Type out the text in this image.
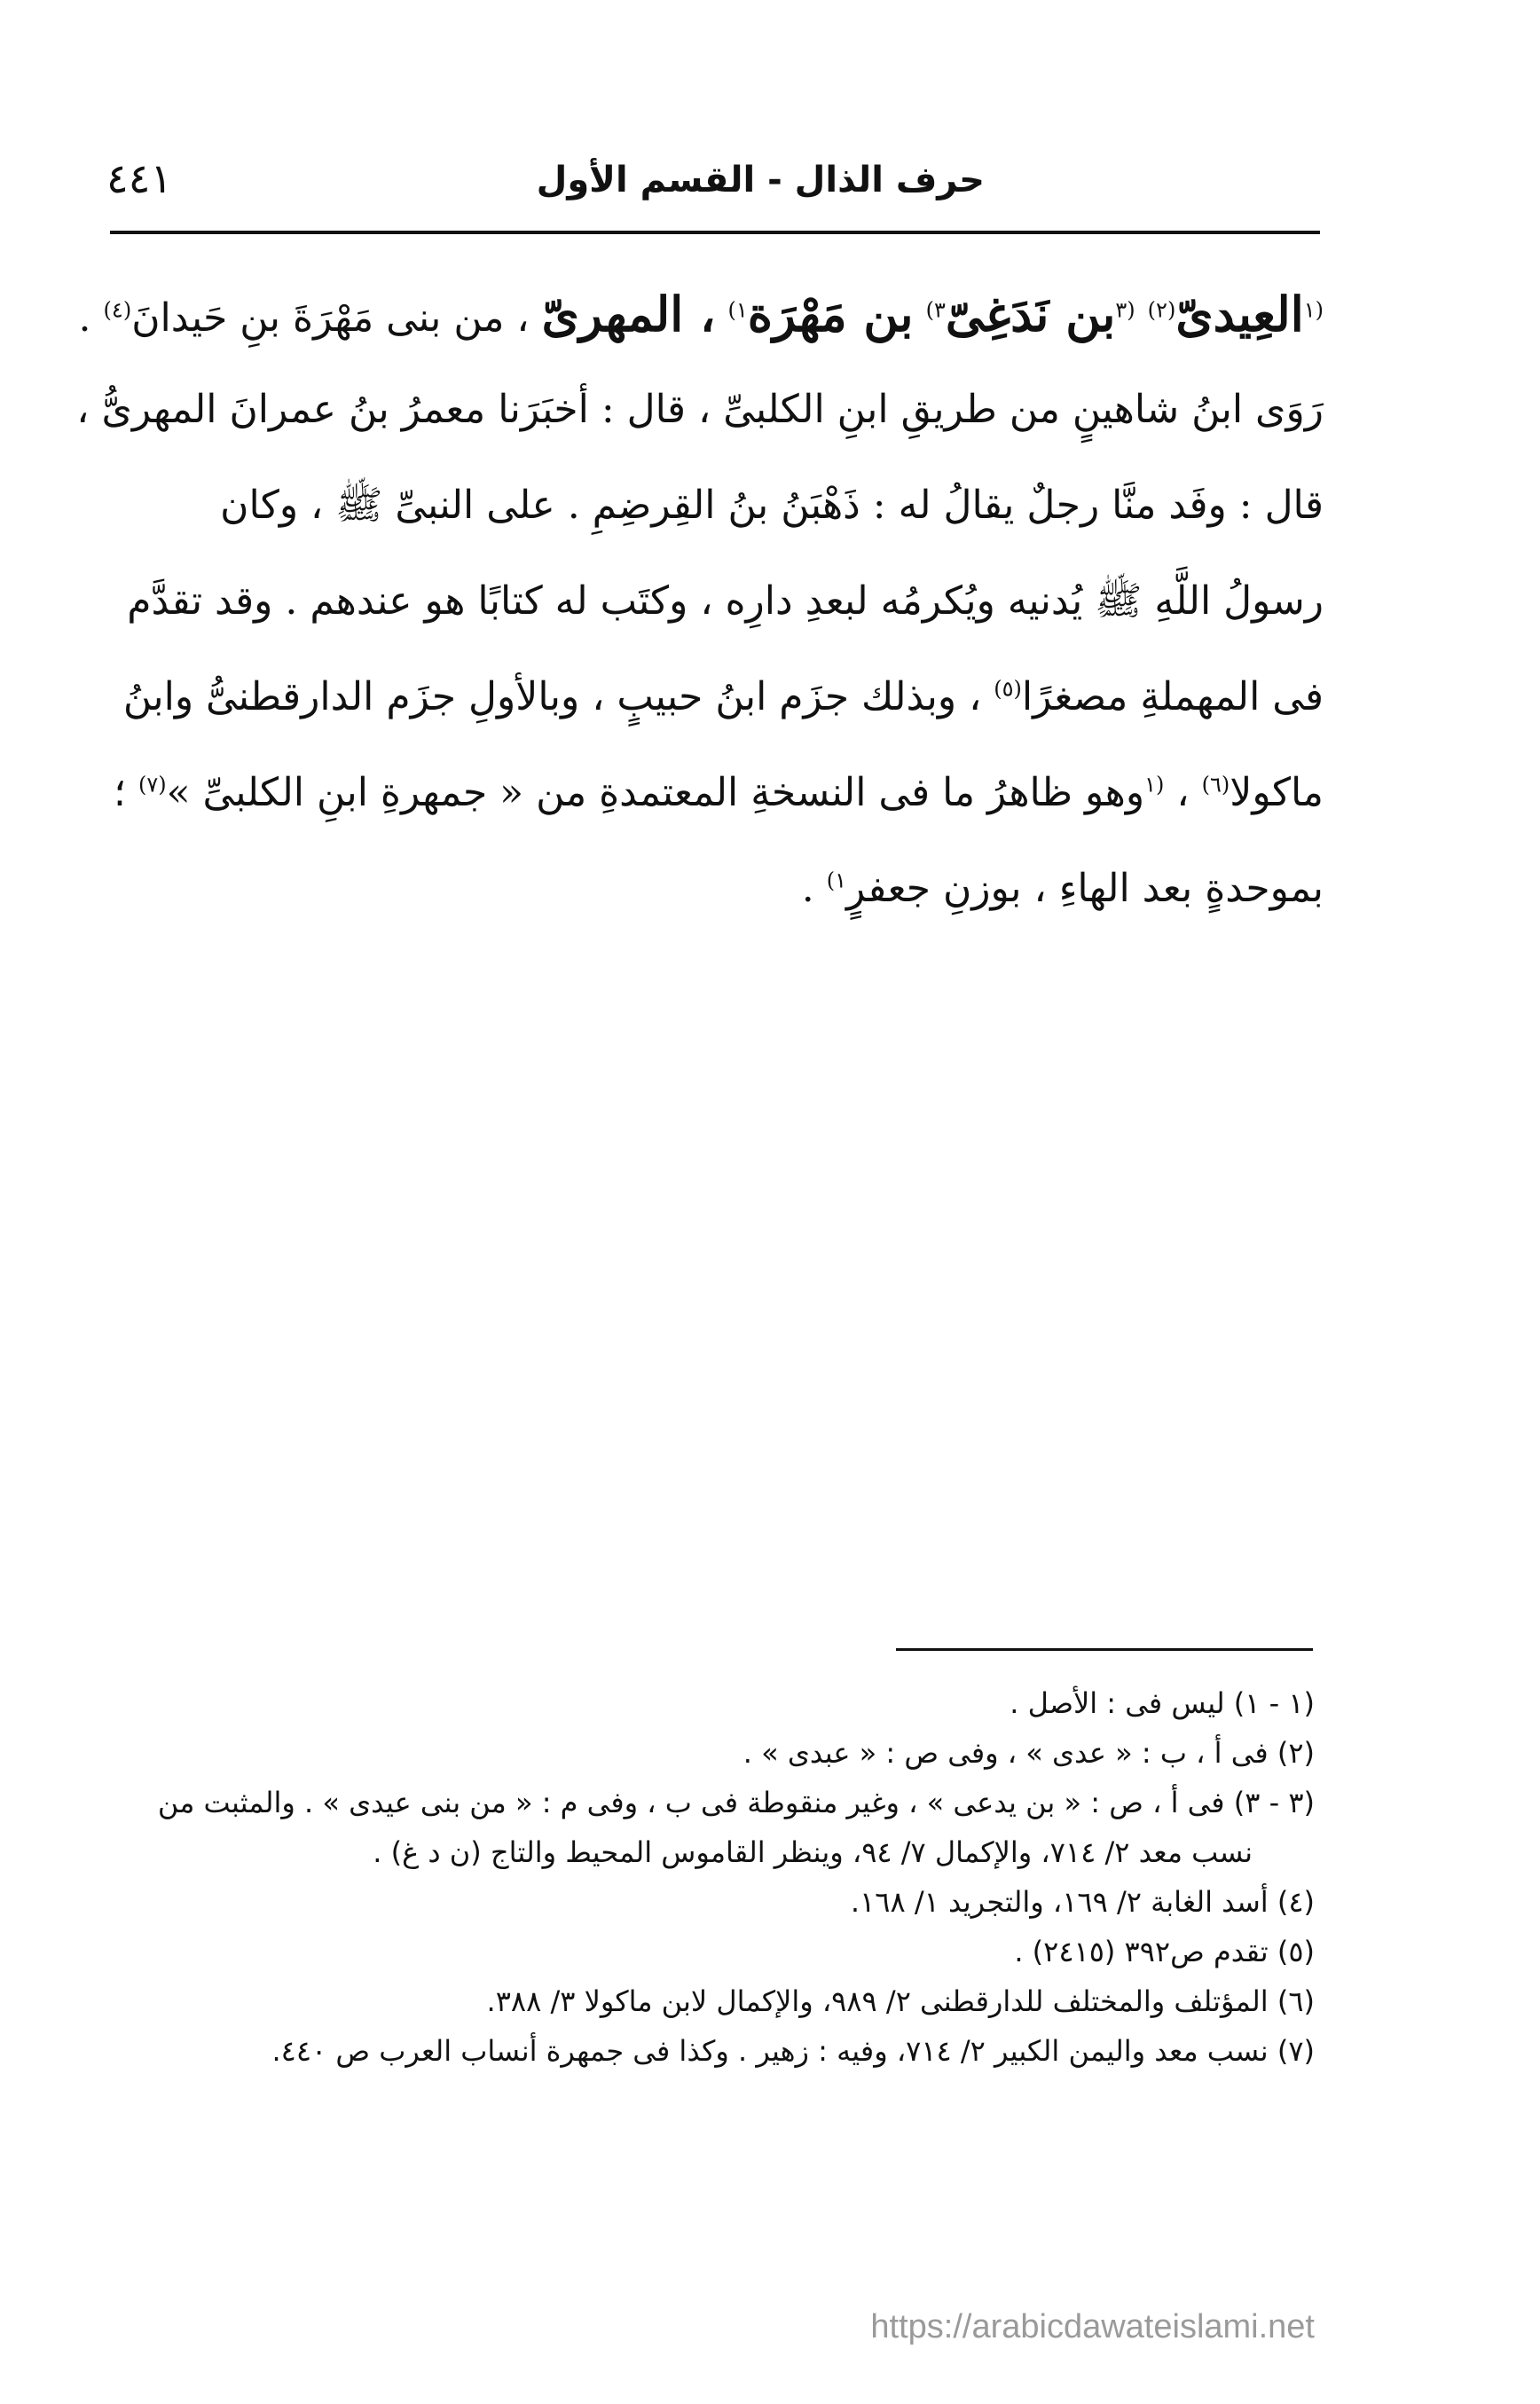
حرف الذال - القسم الأول
٤٤١
$^{(١}$العِيدىّ$^{(٢)}$ $^{(٣}$بن نَدَغِىّ$^{٣)}$ بن مَهْرَة$^{١)}$ ، المهرىّ ، من بنى مَهْرَةَ بنِ حَيدانَ$^{(٤)}$ .
رَوَى ابنُ شاهينٍ من طريقِ ابنِ الكلبىِّ ، قال : أخبَرَنا معمرُ بنُ عمرانَ المهرىُّ ،
قال : وفَد منَّا رجلٌ يقالُ له : ذَهْبَنُ بنُ القِرضِمِ . على النبىِّ ﷺ ، وكان
رسولُ اللَّهِ ﷺ يُدنيه ويُكرمُه لبعدِ دارِه ، وكتَب له كتابًا هو عندهم . وقد تقدَّم
فى المهملةِ مصغرًا$^{(٥)}$ ، وبذلك جزَم ابنُ حبيبٍ ، وبالأولِ جزَم الدارقطنىُّ وابنُ
ماكولا$^{(٦)}$ ، $^{(١}$وهو ظاهرُ ما فى النسخةِ المعتمدةِ من « جمهرةِ ابنِ الكلبىِّ »$^{(٧)}$ ؛
بموحدةٍ بعد الهاءِ ، بوزنِ جعفرٍ$^{١)}$ .
(١ - ١) ليس فى : الأصل .
(٢) فى أ ، ب : « عدى » ، وفى ص : « عبدى » .
(٣ - ٣) فى أ ، ص : « بن يدعى » ، وغير منقوطة فى ب ، وفى م : « من بنى عيدى » . والمثبت من
نسب معد ٢/ ٧١٤، والإكمال ٧/ ٩٤، وينظر القاموس المحيط والتاج (ن د غ) .
(٤) أسد الغابة ٢/ ١٦٩، والتجريد ١/ ١٦٨.
(٥) تقدم ص٣٩٢ (٢٤١٥) .
(٦) المؤتلف والمختلف للدارقطنى ٢/ ٩٨٩، والإكمال لابن ماكولا ٣/ ٣٨٨.
(٧) نسب معد واليمن الكبير ٢/ ٧١٤، وفيه : زهير . وكذا فى جمهرة أنساب العرب ص ٤٤٠.
https://arabicdawateislami.net
